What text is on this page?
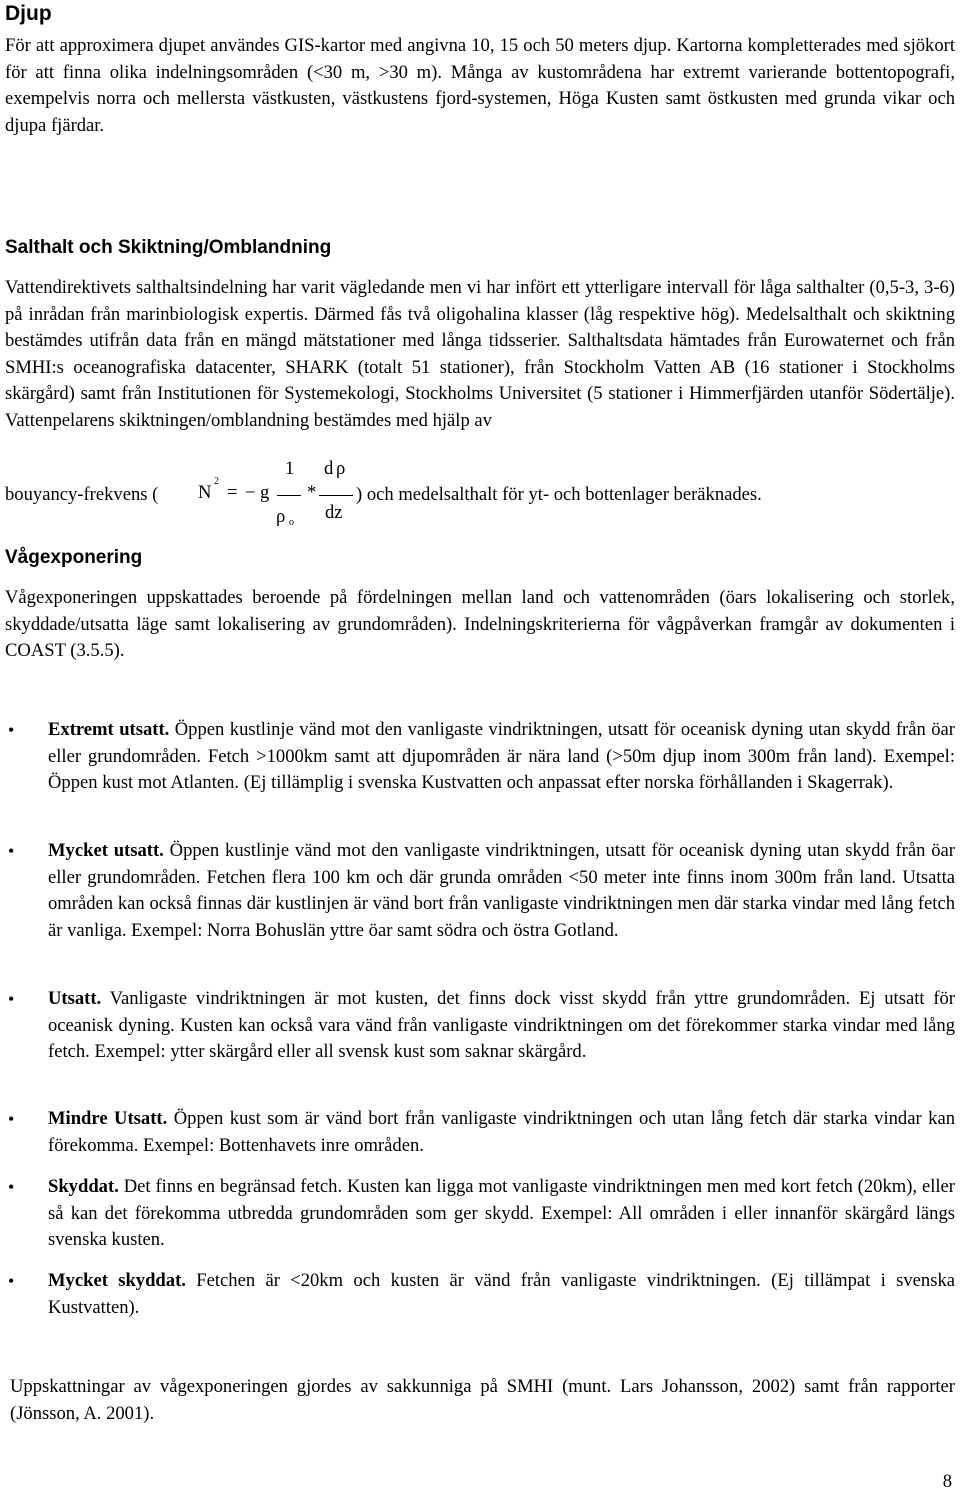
Djup

För att approximera djupet användes GIS-kartor med angivna 10, 15 och 50 meters djup. Kartorna kompletterades med sjökort för att finna olika indelningsområden (<30 m, >30 m). Många av kustområdena har extremt varierande bottentopografi, exempelvis norra och mellersta västkusten, västkustens fjord-systemen, Höga Kusten samt östkusten med grunda vikar och djupa fjärdar.

Salthalt och Skiktning/Omblandning

Vattendirektivets salthaltsindelning har varit vägledande men vi har infört ett ytterligare intervall för låga salthalter (0,5-3, 3-6) på inrådan från marinbiologisk expertis. Därmed fås två oligohalina klasser (låg respektive hög). Medelsalthalt och skiktning bestämdes utifrån data från en mängd mätstationer med långa tidsserier. Salthaltsdata hämtades från Eurowaternet och från SMHI:s oceanografiska datacenter, SHARK (totalt 51 stationer), från Stockholm Vatten AB (16 stationer i Stockholms skärgård) samt från Institutionen för Systemekologi, Stockholms Universitet (5 stationer i Himmerfjärden utanför Södertälje). Vattenpelarens skiktningen/omblandning bestämdes med hjälp av

bouyancy-frekvens ( N
2
= − g
1
ρ o
*
d ρ
dz
) och medelsalthalt för yt- och bottenlager beräknades.
Vågexponering

Vågexponeringen uppskattades beroende på fördelningen mellan land och vattenområden (öars lokalisering och storlek, skyddade/utsatta läge samt lokalisering av grundområden). Indelningskriterierna för vågpåverkan framgår av dokumenten i COAST (3.5.5).

• Extremt utsatt. Öppen kustlinje vänd mot den vanligaste vindriktningen, utsatt för oceanisk dyning utan skydd från öar eller grundområden. Fetch >1000km samt att djupområden är nära land (>50m djup inom 300m från land). Exempel: Öppen kust mot Atlanten. (Ej tillämplig i svenska Kustvatten och anpassat efter norska förhållanden i Skagerrak).

• Mycket utsatt. Öppen kustlinje vänd mot den vanligaste vindriktningen, utsatt för oceanisk dyning utan skydd från öar eller grundområden. Fetchen flera 100 km och där grunda områden <50 meter inte finns inom 300m från land. Utsatta områden kan också finnas där kustlinjen är vänd bort från vanligaste vindriktningen men där starka vindar med lång fetch är vanliga. Exempel: Norra Bohuslän yttre öar samt södra och östra Gotland.

• Utsatt. Vanligaste vindriktningen är mot kusten, det finns dock visst skydd från yttre grundområden. Ej utsatt för oceanisk dyning. Kusten kan också vara vänd från vanligaste vindriktningen om det förekommer starka vindar med lång fetch. Exempel: ytter skärgård eller all svensk kust som saknar skärgård.

• Mindre Utsatt. Öppen kust som är vänd bort från vanligaste vindriktningen och utan lång fetch där starka vindar kan förekomma. Exempel: Bottenhavets inre områden.

• Skyddat. Det finns en begränsad fetch. Kusten kan ligga mot vanligaste vindriktningen men med kort fetch (20km), eller så kan det förekomma utbredda grundområden som ger skydd. Exempel: All områden i eller innanför skärgård längs svenska kusten.

• Mycket skyddat. Fetchen är <20km och kusten är vänd från vanligaste vindriktningen. (Ej tillämpat i svenska Kustvatten).

Uppskattningar av vågexponeringen gjordes av sakkunniga på SMHI (munt. Lars Johansson, 2002) samt från rapporter (Jönsson, A. 2001).

8
